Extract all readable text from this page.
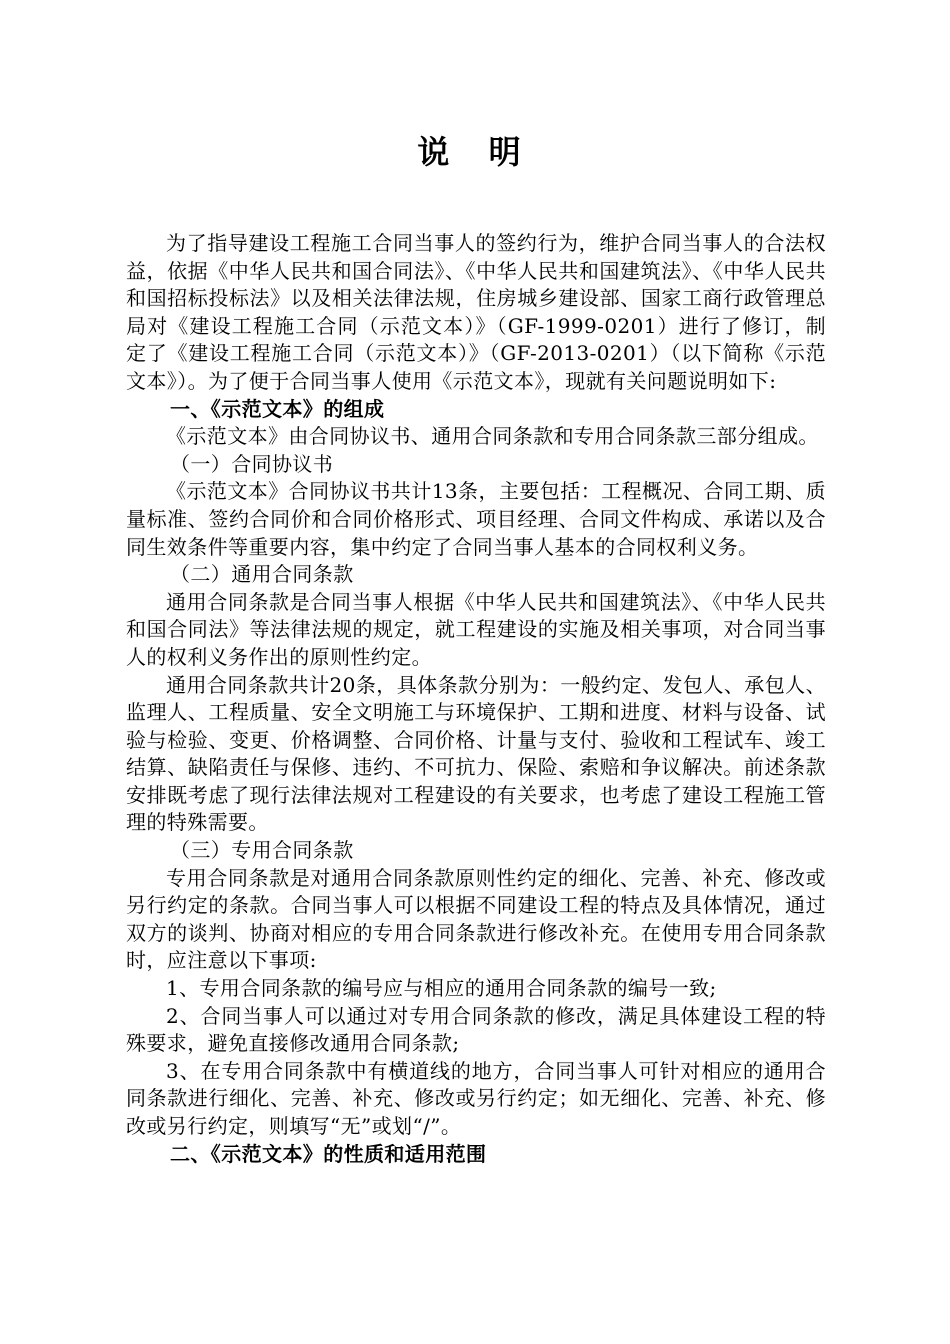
说 明

为了指导建设工程施工合同当事人的签约行为，维护合同当事人的合法权益，依据《中华人民共和国合同法》、《中华人民共和国建筑法》、《中华人民共和国招标投标法》以及相关法律法规，住房城乡建设部、国家工商行政管理总局对《建设工程施工合同（示范文本）》（GF-1999-0201）进行了修订，制定了《建设工程施工合同（示范文本）》（GF-2013-0201）（以下简称《示范文本》）。为了便于合同当事人使用《示范文本》，现就有关问题说明如下:

一、《示范文本》的组成

《示范文本》由合同协议书、通用合同条款和专用合同条款三部分组成。

（一）合同协议书

《示范文本》合同协议书共计13条，主要包括：工程概况、合同工期、质量标准、签约合同价和合同价格形式、项目经理、合同文件构成、承诺以及合同生效条件等重要内容，集中约定了合同当事人基本的合同权利义务。

（二）通用合同条款

通用合同条款是合同当事人根据《中华人民共和国建筑法》、《中华人民共和国合同法》等法律法规的规定，就工程建设的实施及相关事项，对合同当事人的权利义务作出的原则性约定。

通用合同条款共计20条，具体条款分别为：一般约定、发包人、承包人、监理人、工程质量、安全文明施工与环境保护、工期和进度、材料与设备、试验与检验、变更、价格调整、合同价格、计量与支付、验收和工程试车、竣工结算、缺陷责任与保修、违约、不可抗力、保险、索赔和争议解决。前述条款安排既考虑了现行法律法规对工程建设的有关要求，也考虑了建设工程施工管理的特殊需要。

（三）专用合同条款

专用合同条款是对通用合同条款原则性约定的细化、完善、补充、修改或另行约定的条款。合同当事人可以根据不同建设工程的特点及具体情况，通过双方的谈判、协商对相应的专用合同条款进行修改补充。在使用专用合同条款时，应注意以下事项:

1、专用合同条款的编号应与相应的通用合同条款的编号一致;

2、合同当事人可以通过对专用合同条款的修改，满足具体建设工程的特殊要求，避免直接修改通用合同条款;

3、在专用合同条款中有横道线的地方，合同当事人可针对相应的通用合同条款进行细化、完善、补充、修改或另行约定；如无细化、完善、补充、修改或另行约定，则填写“无”或划“/”。

二、《示范文本》的性质和适用范围
